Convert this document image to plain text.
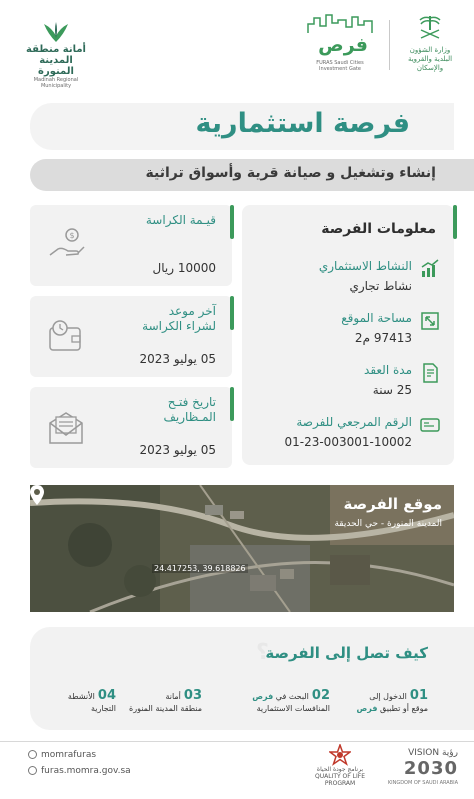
وزارة الشؤون البلدية والقروية والإسكان
فرص
FURAS Saudi Cities Investment Gate
أمانة منطقة
المدينة المنورة
Madinah Regional Municipality
فرصة استثمارية
إنشاء وتشغيل و صيانة قرية وأسواق تراثية
معلومات الفرصة
النشاط الاستثماري
نشاط تجاري
مساحة الموقع
97413 م2
مدة العقد
25 سنة
الرقم المرجعي للفرصة
01-23-003001-10002
قيـمة الكراسة
10000 ريال
$
آخر موعد لشراء الكراسة
05 يوليو 2023
تاريخ فتـح المـظاريف
05 يوليو 2023
موقع الفرصة
المدينة المنورة - حي الحديقة
24.417253, 39.618826
كيف تصل إلى الفرصة
؟
01الدخول إلى
موقع أو تطبيق فرص
02البحث في فرص
المنافسات الاستثمارية
03أمانة
منطقة المدينة المنورة
04الأنشطة
التجارية
momrafuras
furas.momra.gov.sa	برنامج جودة الحياة
QUALITY OF LIFE PROGRAM
VISION رؤية
2030
KINGDOM OF SAUDI ARABIA
